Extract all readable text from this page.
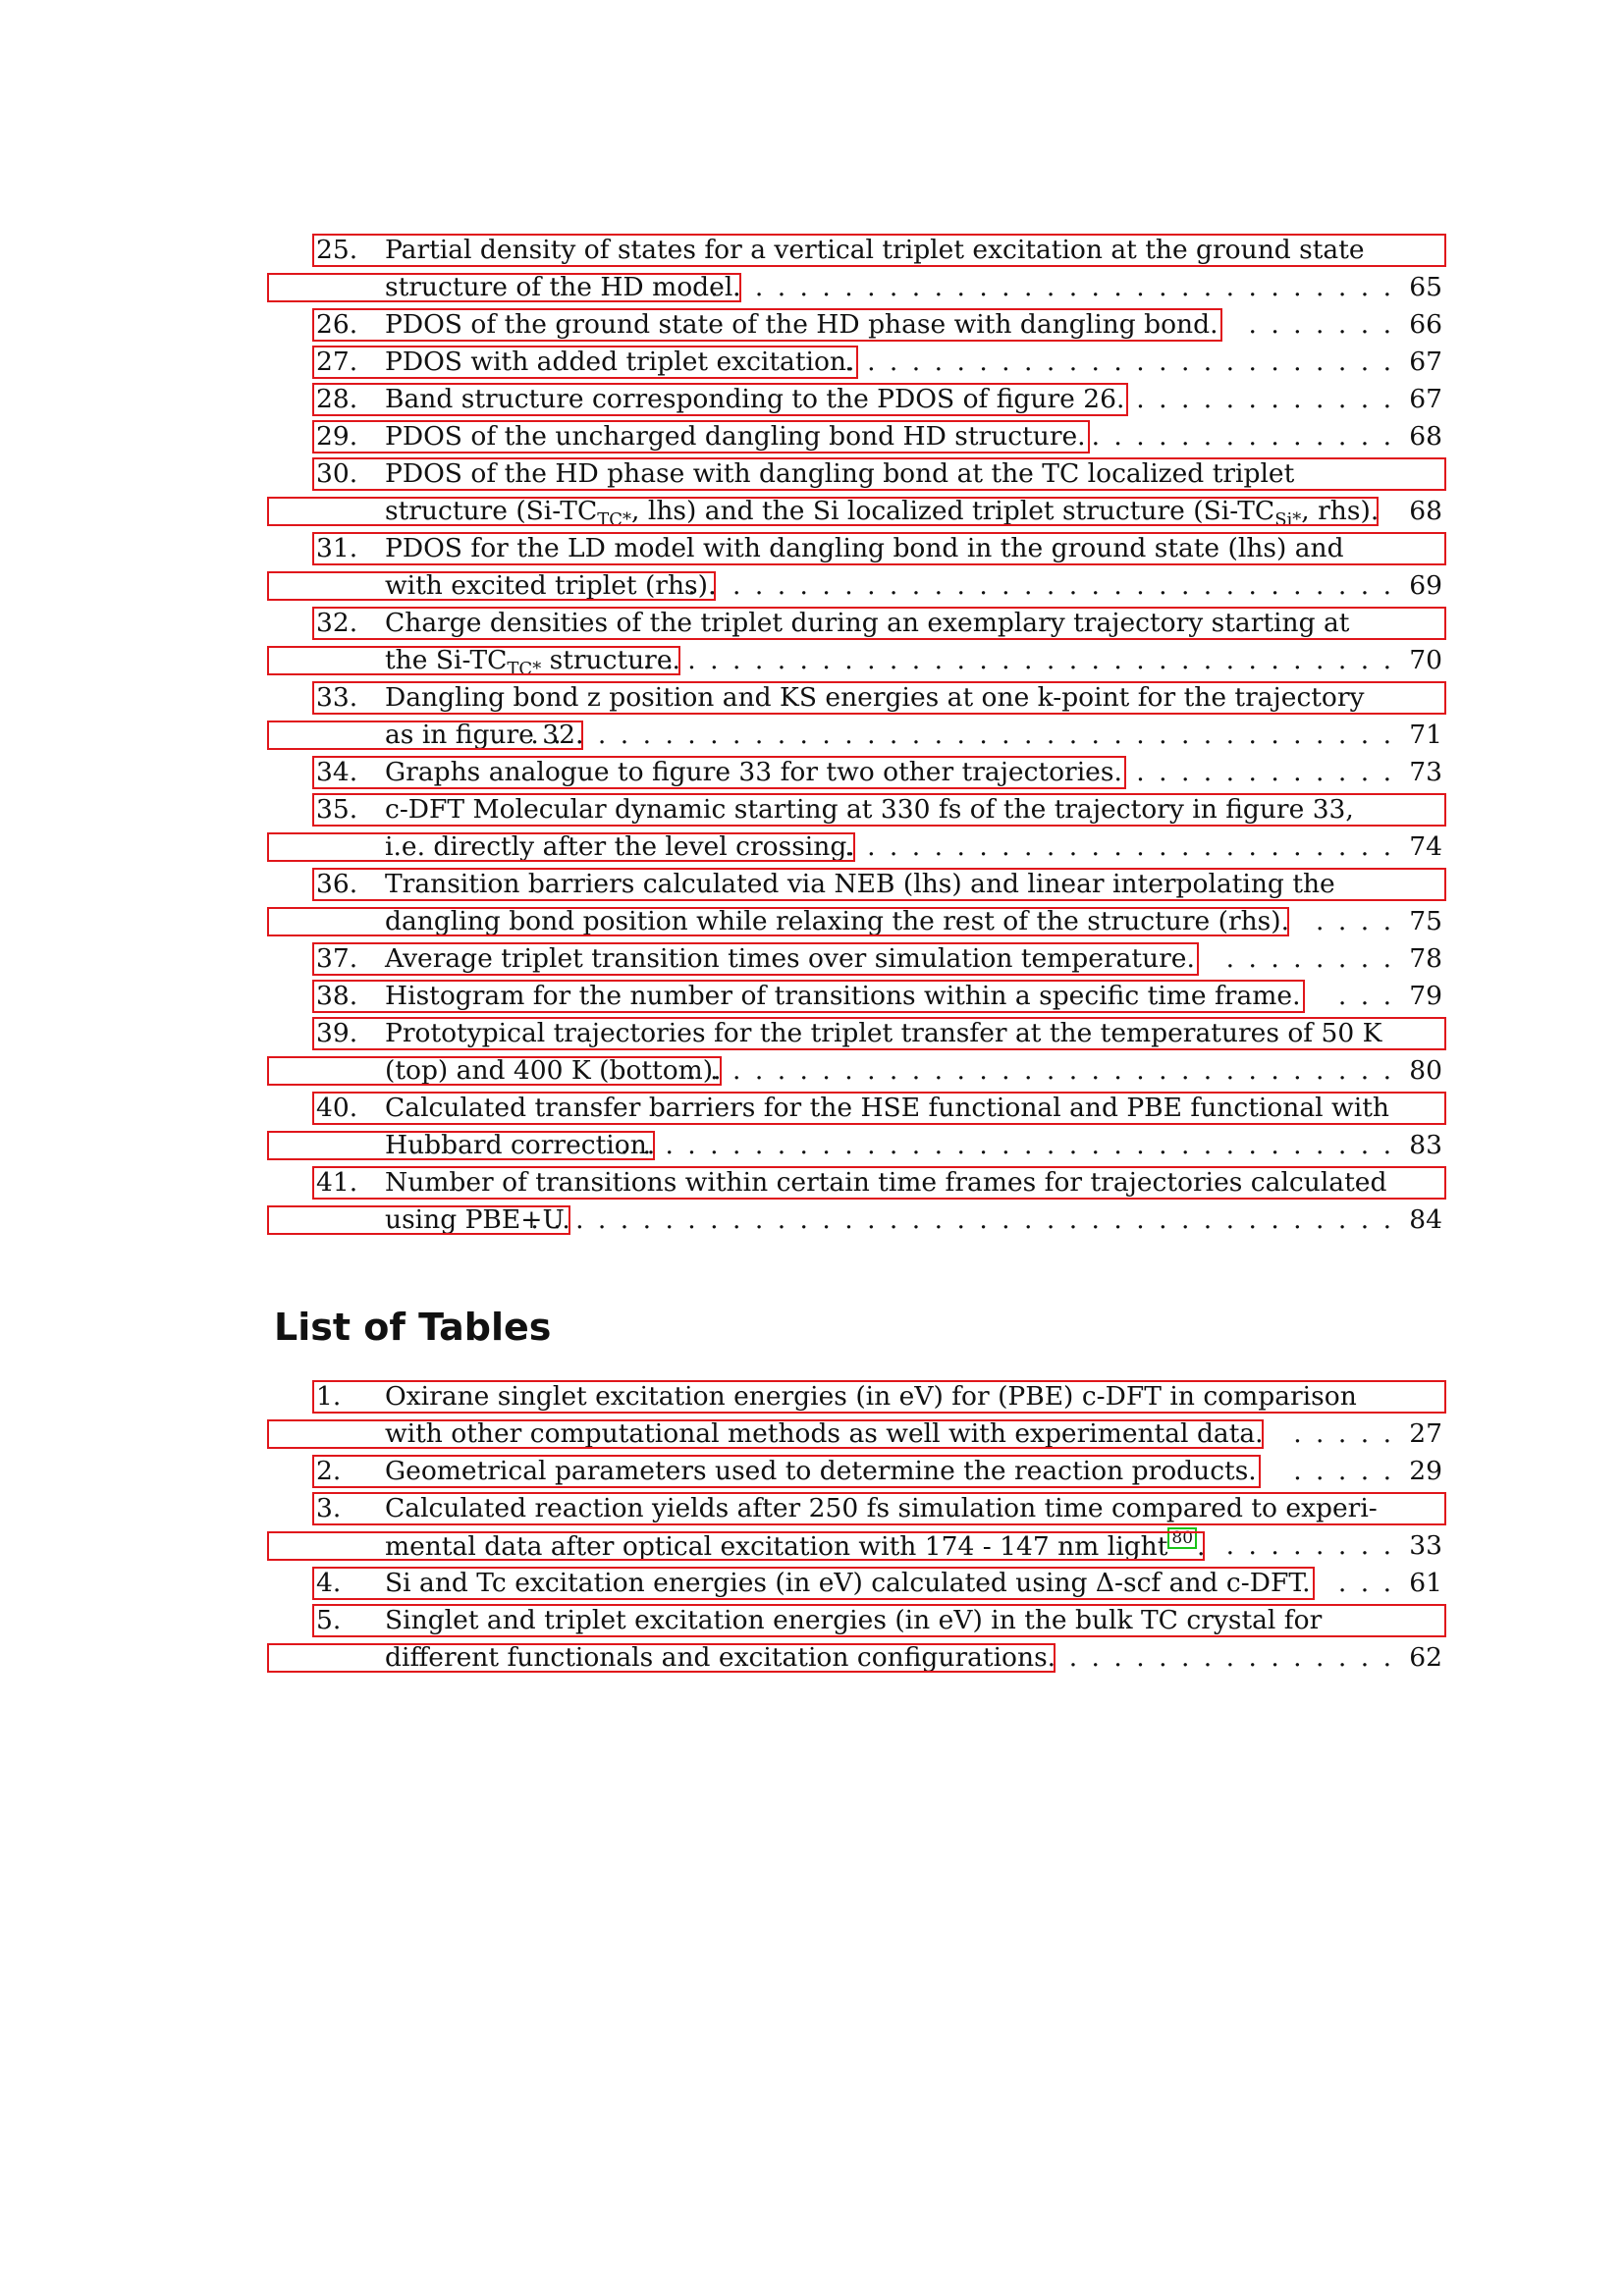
25. Partial density of states for a vertical triplet excitation at the ground state
structure of the HD model.
. . . . . . . . . . . . . . . . . . . . . . . . . . . . . . . 65
26. PDOS of the ground state of the HD phase with dangling bond. . . . . . . . 66
27. PDOS with added triplet excitation.
. . . . . . . . . . . . . . . . . . . . . . . . . 67
28. Band structure corresponding to the PDOS of figure 26. . . . . . . . . . . . . 67
29. PDOS of the uncharged dangling bond HD structure. . . . . . . . . . . . . . . 68
30. PDOS of the HD phase with dangling bond at the TC localized triplet
structure ($Si-TC_{TC*}$, lhs) and the Si localized triplet structure ($Si-TC_{Si*}$, rhs). 68
31. PDOS for the LD model with dangling bond in the ground state (lhs) and
with excited triplet (rhs).
. . . . . . . . . . . . . . . . . . . . . . . . . . . . . . . . 69
32. Charge densities of the triplet during an exemplary trajectory starting at
the $Si-TC_{TC*}$ structure.
. . . . . . . . . . . . . . . . . . . . . . . . . . . . . . . . . . 70
33. Dangling bond z position and KS energies at one k-point for the trajectory
as in figure 32.
. . . . . . . . . . . . . . . . . . . . . . . . . . . . . . . . . . . . . . . 71
34. Graphs analogue to figure 33 for two other trajectories. . . . . . . . . . . . . 73
35. c-DFT Molecular dynamic starting at 330 fs of the trajectory in figure 33,
i.e. directly after the level crossing.
. . . . . . . . . . . . . . . . . . . . . . . . . 74
36. Transition barriers calculated via NEB (lhs) and linear interpolating the
dangling bond position while relaxing the rest of the structure (rhs). . . . . 75
37. Average triplet transition times over simulation temperature. . . . . . . . . 78
38. Histogram for the number of transitions within a specific time frame. . . . 79
39. Prototypical trajectories for the triplet transfer at the temperatures of 50 K
(top) and 400 K (bottom).
. . . . . . . . . . . . . . . . . . . . . . . . . . . . . . . . 80
40. Calculated transfer barriers for the HSE functional and PBE functional with
Hubbard correction.
. . . . . . . . . . . . . . . . . . . . . . . . . . . . . . . . . . . 83
41. Number of transitions within certain time frames for trajectories calculated
using PBE+U.
. . . . . . . . . . . . . . . . . . . . . . . . . . . . . . . . . . . . . . . 84
List of Tables
1. Oxirane singlet excitation energies (in eV) for (PBE) c-DFT in comparison
with other computational methods as well with experimental data. . . . . . 27
2. Geometrical parameters used to determine the reaction products. . . . . . 29
3. Calculated reaction yields after 250 fs simulation time compared to experi-
mental data after optical excitation with 174 - 147 nm light 80 . . . . . . . . . 33
4. Si and Tc excitation energies (in eV) calculated using Δ-scf and c-DFT. . . . 61
5. Singlet and triplet excitation energies (in eV) in the bulk TC crystal for
different functionals and excitation configurations. . . . . . . . . . . . . . . . 62
